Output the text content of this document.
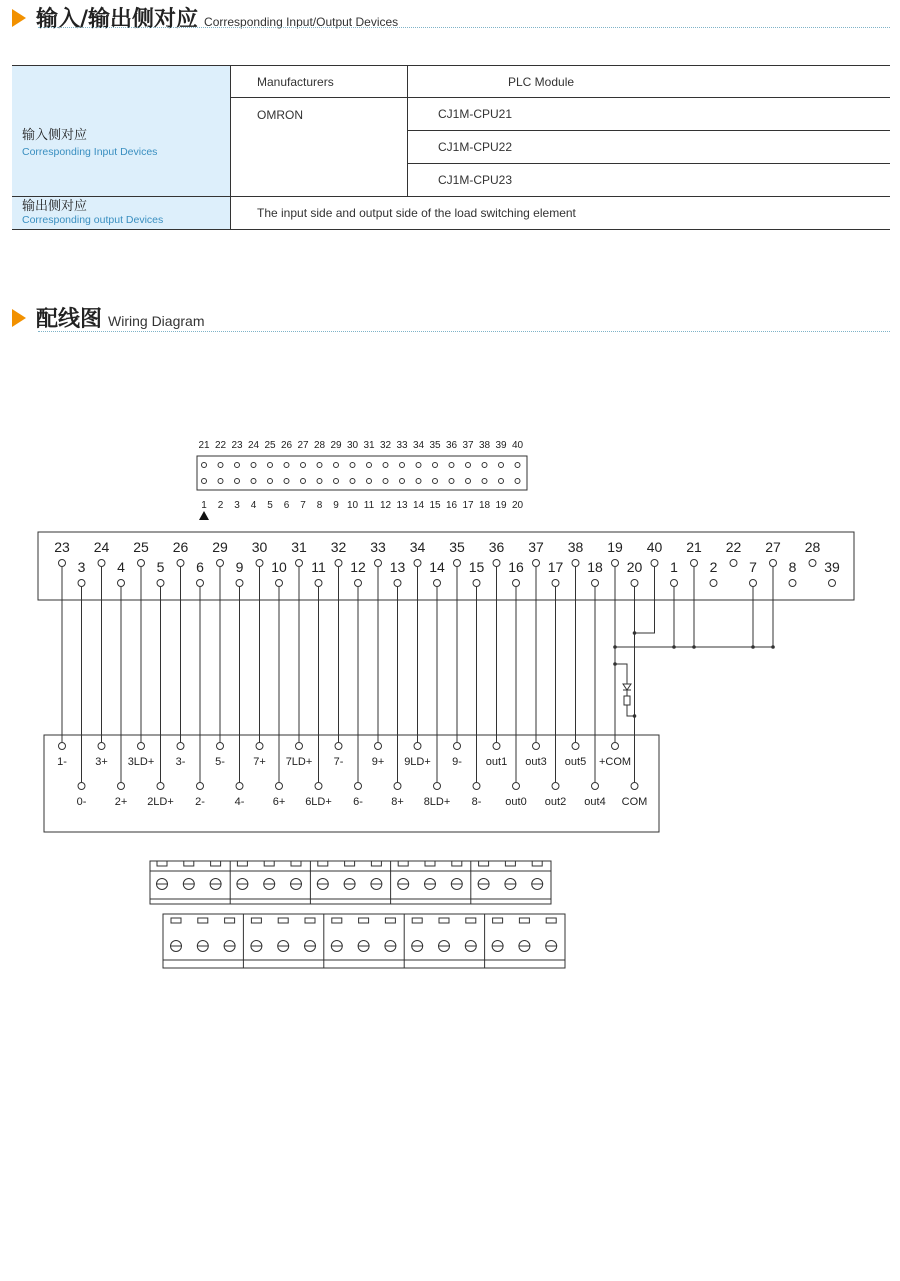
输入/输出侧对应 Corresponding Input/Output Devices
输入侧对应
Corresponding Input Devices	Manufacturers	PLC Module
	OMRON	CJ1M-CPU21
		CJ1M-CPU22
		CJ1M-CPU23

输出侧对应
Corresponding output Devices	The input side and output side of the load switching element	
配线图 Wiring Diagram
21
1
22
2
23
3
24
4
25
5
26
6
27
7
28
8
29
9
30
10
31
11
32
12
33
13
34
14
35
15
36
16
37
17
38
18
39
19
40
20
23
3
24
4
25
5
26
6
29
9
30
10
31
11
32
12
33
13
34
14
35
15
36
16
37
17
38
18
19
20
40
1
21
2
22
7
27
8
28
39
1-
0-
3+
2+
3LD+
2LD+
3-
2-
5-
4-
7+
6+
7LD+
6LD+
7-
6-
9+
8+
9LD+
8LD+
9-
8-
out1
out0
out3
out2
out5
out4
+COM
COM
